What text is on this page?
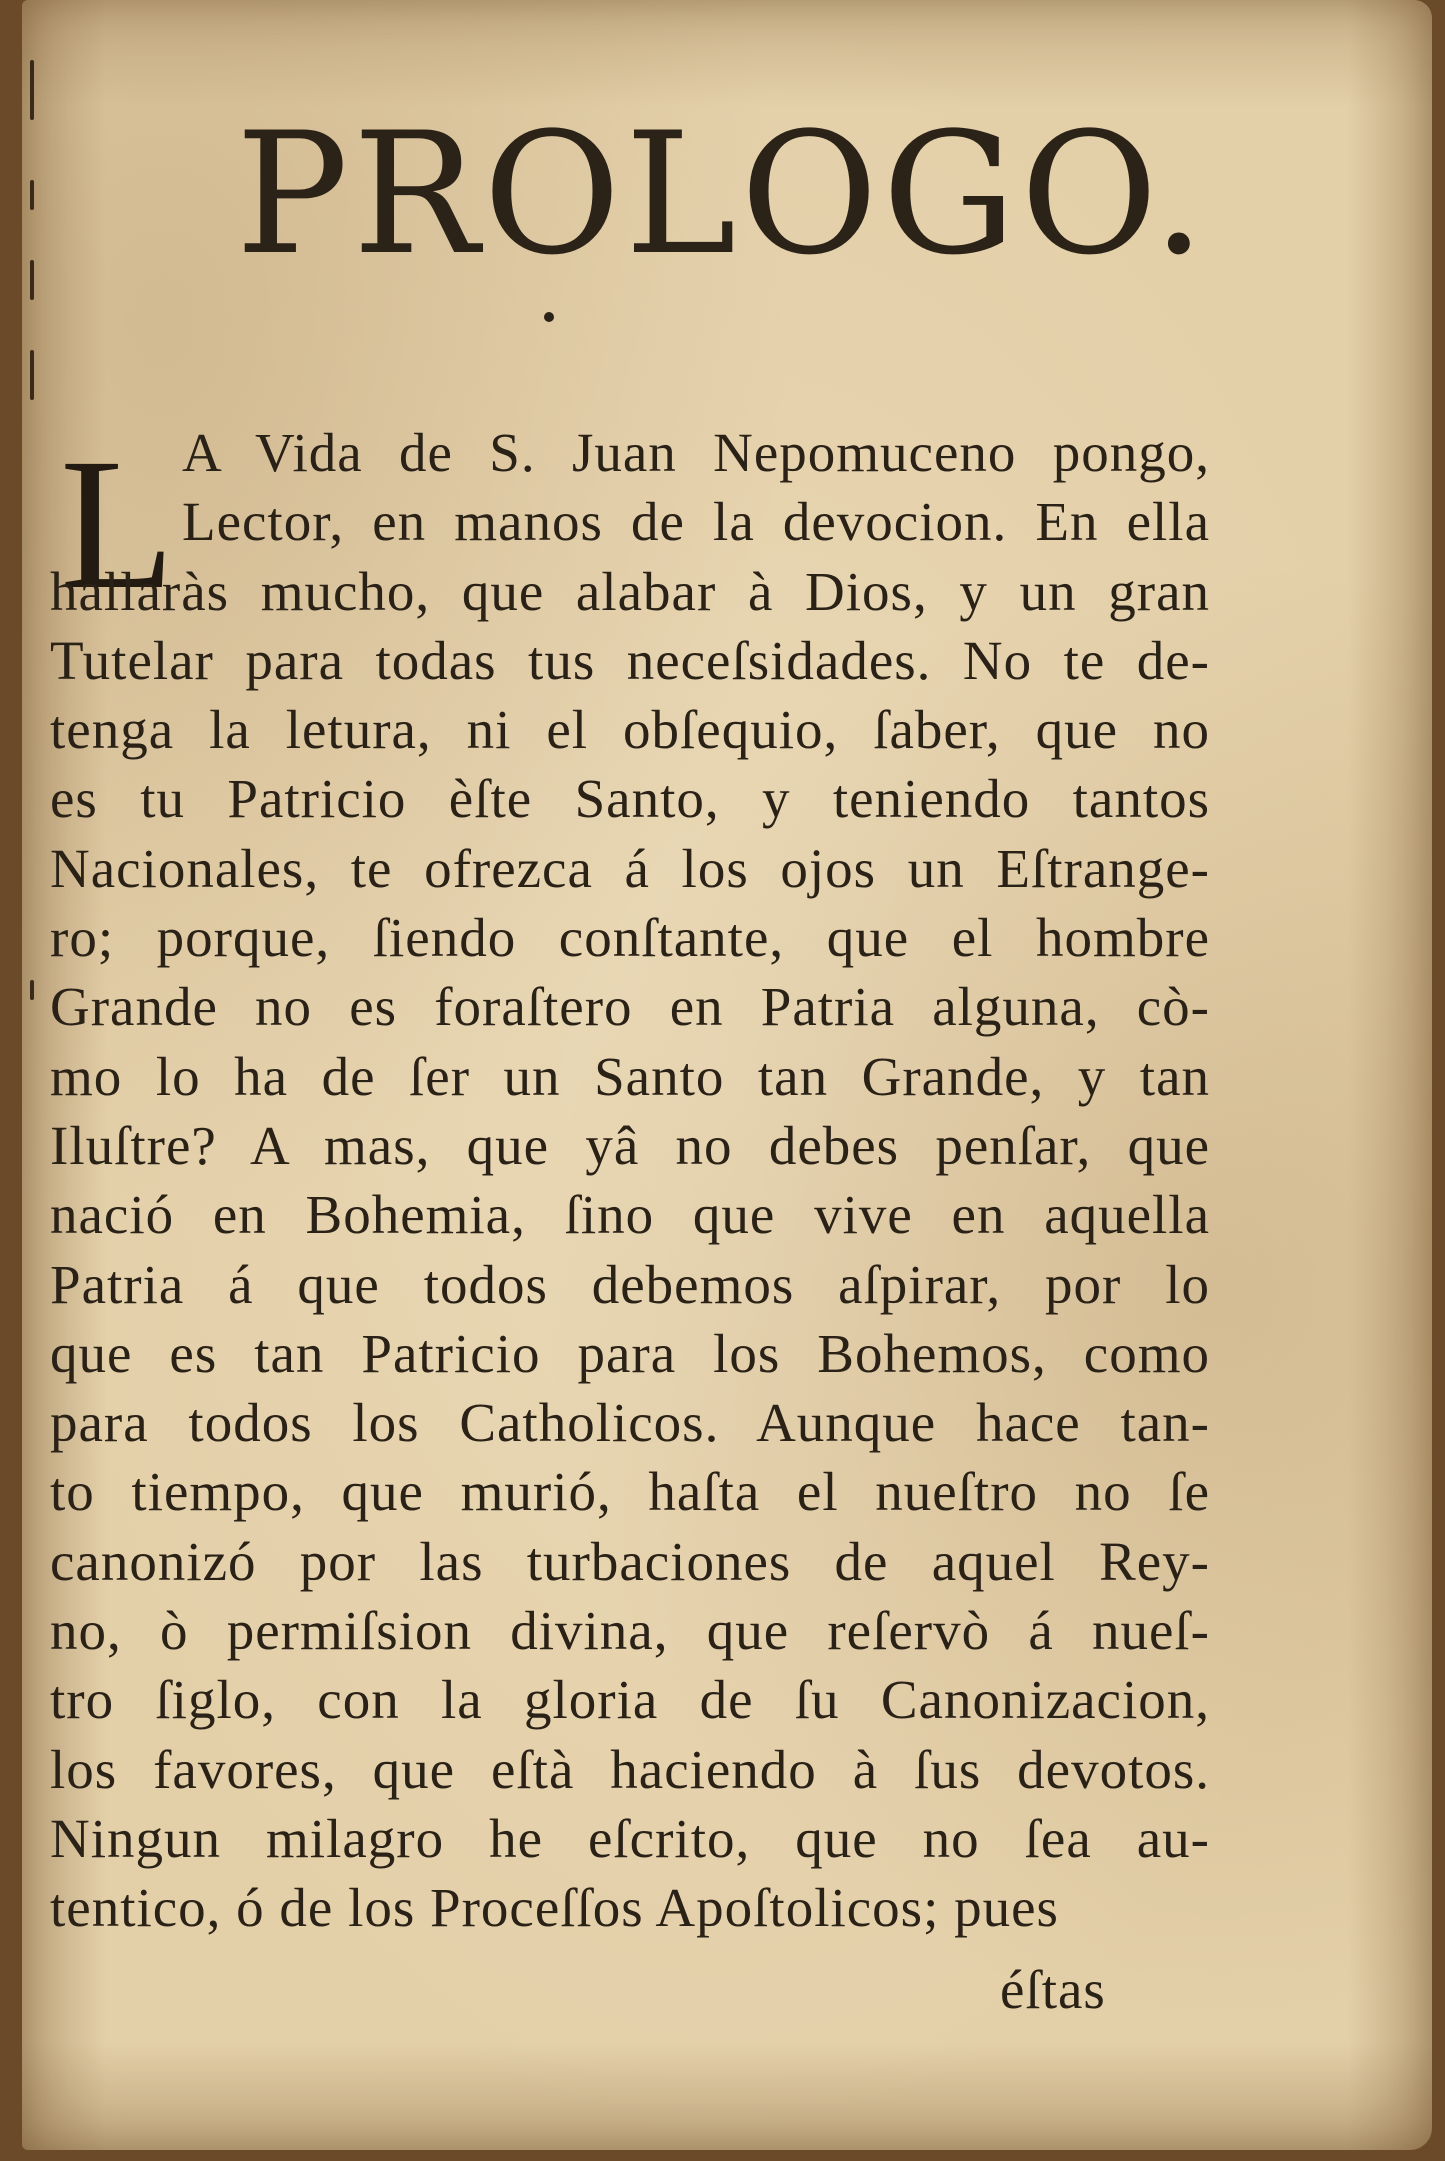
PROLOGO.
L A Vida de S. Juan Nepomuceno pongo,
Lector, en manos de la devocion. En ella
hallaràs mucho, que alabar à Dios, y un gran
Tutelar para todas tus neceſsidades. No te de-
tenga la letura, ni el obſequio, ſaber, que no
es tu Patricio èſte Santo, y teniendo tantos
Nacionales, te ofrezca á los ojos un Eſtrange-
ro; porque, ſiendo conſtante, que el hombre
Grande no es foraſtero en Patria alguna, cò-
mo lo ha de ſer un Santo tan Grande, y tan
Iluſtre? A mas, que yâ no debes penſar, que
nació en Bohemia, ſino que vive en aquella
Patria á que todos debemos aſpirar, por lo
que es tan Patricio para los Bohemos, como
para todos los Catholicos. Aunque hace tan-
to tiempo, que murió, haſta el nueſtro no ſe
canonizó por las turbaciones de aquel Rey-
no, ò permiſsion divina, que reſervò á nueſ-
tro ſiglo, con la gloria de ſu Canonizacion,
los favores, que eſtà haciendo à ſus devotos.
Ningun milagro he eſcrito, que no ſea au-
tentico, ó de los Proceſſos Apoſtolicos; pues
éſtas
